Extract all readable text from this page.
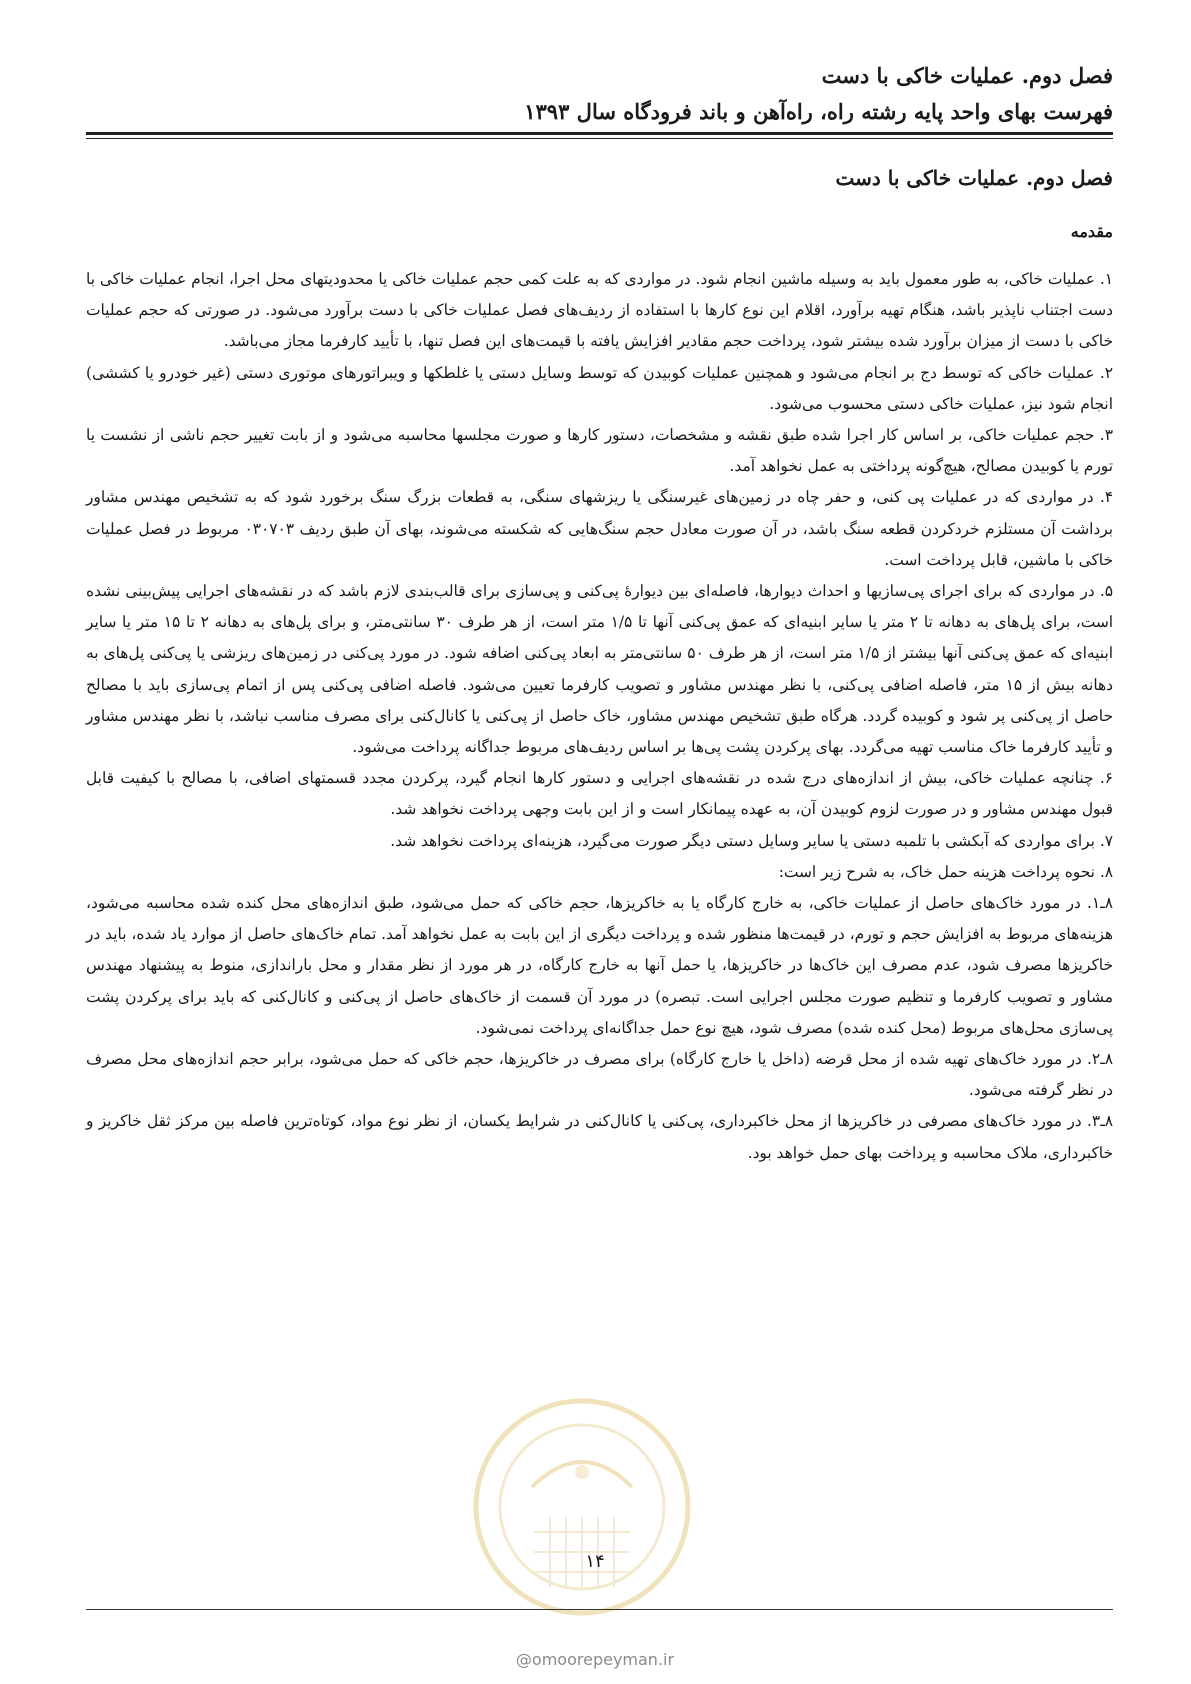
فصل دوم. عملیات خاکی با دست
فهرست بهای واحد پایه رشته راه، راه‌آهن و باند فرودگاه سال ۱۳۹۳
فصل دوم. عملیات خاکی با دست
مقدمه

۱. عملیات خاکی، به طور معمول باید به وسیله ماشین انجام شود. در مواردی که به علت کمی حجم عملیات خاکی یا محدودیتهای محل اجرا، انجام عملیات خاکی با دست اجتناب ناپذیر باشد، هنگام تهیه برآورد، اقلام این نوع کارها با استفاده از ردیف‌های فصل عملیات خاکی با دست برآورد می‌شود. در صورتی که حجم عملیات خاکی با دست از میزان برآورد شده بیشتر شود، پرداخت حجم مقادیر افزایش یافته با قیمت‌های این فصل تنها، با تأیید کارفرما مجاز می‌باشد.

۲. عملیات خاکی که توسط دج بر انجام می‌شود و همچنین عملیات کوبیدن که توسط وسایل دستی یا غلطکها و ویبراتورهای موتوری دستی (غیر خودرو یا کششی) انجام شود نیز، عملیات خاکی دستی محسوب می‌شود.

۳. حجم عملیات خاکی، بر اساس کار اجرا شده طبق نقشه و مشخصات، دستور کارها و صورت مجلسها محاسبه می‌شود و از بابت تغییر حجم ناشی از نشست یا تورم یا کوبیدن مصالح، هیچ‌گونه پرداختی به عمل نخواهد آمد.

۴. در مواردی که در عملیات پی کنی، و حفر چاه در زمین‌های غیرسنگی یا ریزشهای سنگی، به قطعات بزرگ سنگ برخورد شود که به تشخیص مهندس مشاور برداشت آن مستلزم خردکردن قطعه سنگ باشد، در آن صورت معادل حجم سنگ‌هایی که شکسته می‌شوند، بهای آن طبق ردیف ۰۳۰۷۰۳ مربوط در فصل عملیات خاکی با ماشین، قابل پرداخت است.

۵. در مواردی که برای اجرای پی‌سازیها و احداث دیوارها، فاصله‌ای بین دیوارهٔ پی‌کنی و پی‌سازی برای قالب‌بندی لازم باشد که در نقشه‌های اجرایی پیش‌بینی نشده است، برای پل‌های به دهانه تا ۲ متر یا سایر ابنیه‌ای که عمق پی‌کنی آنها تا ۱/۵ متر است، از هر طرف ۳۰ سانتی‌متر، و برای پل‌های به دهانه ۲ تا ۱۵ متر یا سایر ابنیه‌ای که عمق پی‌کنی آنها بیشتر از ۱/۵ متر است، از هر طرف ۵۰ سانتی‌متر به ابعاد پی‌کنی اضافه شود. در مورد پی‌کنی در زمین‌های ریزشی یا پی‌کنی پل‌های به دهانه بیش از ۱۵ متر، فاصله اضافی پی‌کنی، با نظر مهندس مشاور و تصویب کارفرما تعیین می‌شود. فاصله اضافی پی‌کنی پس از اتمام پی‌سازی باید با مصالح حاصل از پی‌کنی پر شود و کوبیده گردد. هرگاه طبق تشخیص مهندس مشاور، خاک حاصل از پی‌کنی یا کانال‌کنی برای مصرف مناسب نباشد، با نظر مهندس مشاور و تأیید کارفرما خاک مناسب تهیه می‌گردد. بهای پرکردن پشت پی‌ها بر اساس ردیف‌های مربوط جداگانه پرداخت می‌شود.

۶. چنانچه عملیات خاکی، بیش از اندازه‌های درج شده در نقشه‌های اجرایی و دستور کارها انجام گیرد، پرکردن مجدد قسمتهای اضافی، با مصالح با کیفیت قابل قبول مهندس مشاور و در صورت لزوم کوبیدن آن، به عهده پیمانکار است و از این بابت وجهی پرداخت نخواهد شد.

۷. برای مواردی که آبکشی با تلمبه دستی یا سایر وسایل دستی دیگر صورت می‌گیرد، هزینه‌ای پرداخت نخواهد شد.

۸. نحوه پرداخت هزینه حمل خاک، به شرح زیر است:

۸ـ۱. در مورد خاک‌های حاصل از عملیات خاکی، به خارج کارگاه یا به خاکریزها، حجم خاکی که حمل می‌شود، طبق اندازه‌های محل کنده شده محاسبه می‌شود، هزینه‌های مربوط به افزایش حجم و تورم، در قیمت‌ها منظور شده و پرداخت دیگری از این بابت به عمل نخواهد آمد. تمام خاک‌های حاصل از موارد یاد شده، باید در خاکریزها مصرف شود، عدم مصرف این خاک‌ها در خاکریزها، یا حمل آنها به خارج کارگاه، در هر مورد از نظر مقدار و محل باراندازی، منوط به پیشنهاد مهندس مشاور و تصویب کارفرما و تنظیم صورت مجلس اجرایی است. تبصره) در مورد آن قسمت از خاک‌های حاصل از پی‌کنی و کانال‌کنی که باید برای پرکردن پشت پی‌سازی محل‌های مربوط (محل کنده شده) مصرف شود، هیچ نوع حمل جداگانه‌ای پرداخت نمی‌شود.

۸ـ۲. در مورد خاک‌های تهیه شده از محل قرضه (داخل یا خارج کارگاه) برای مصرف در خاکریزها، حجم خاکی که حمل می‌شود، برابر حجم اندازه‌های محل مصرف در نظر گرفته می‌شود.

۸ـ۳. در مورد خاک‌های مصرفی در خاکریزها از محل خاکبرداری، پی‌کنی یا کانال‌کنی در شرایط یکسان، از نظر نوع مواد، کوتاه‌ترین فاصله بین مرکز ثقل خاکریز و خاکبرداری، ملاک محاسبه و پرداخت بهای حمل خواهد بود.

۱۴
@omoorepeyman.ir
